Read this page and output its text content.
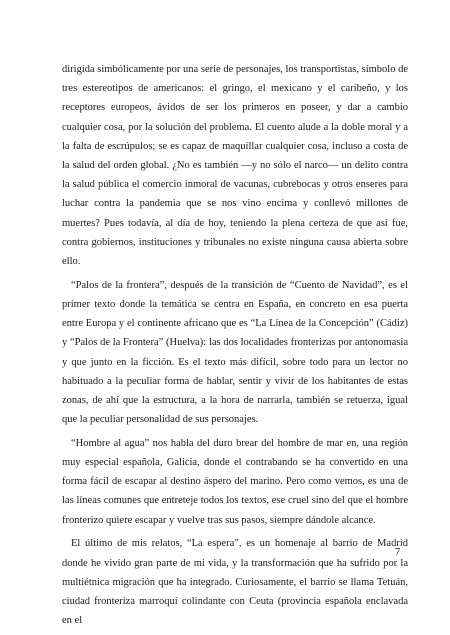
dirigida simbólicamente por una serie de personajes, los transportistas, símbolo de tres estereotipos de americanos: el gringo, el mexicano y el caribeño, y los receptores europeos, ávidos de ser los primeros en poseer, y dar a cambio cualquier cosa, por la solución del problema. El cuento alude a la doble moral y a la falta de escrúpulos; se es capaz de maquillar cualquier cosa, incluso a costa de la salud del orden global. ¿No es también —y no sólo el narco— un delito contra la salud pública el comercio inmoral de vacunas, cubrebocas y otros enseres para luchar contra la pandemia que se nos vino encima y conllevó millones de muertes? Pues todavía, al día de hoy, teniendo la plena certeza de que así fue, contra gobiernos, instituciones y tribunales no existe ninguna causa abierta sobre ello.

“Palos de la frontera”, después de la transición de “Cuento de Navidad”, es el primer texto donde la temática se centra en España, en concreto en esa puerta entre Europa y el continente africano que es “La Línea de la Concepción” (Cádiz) y “Palos de la Frontera” (Huelva): las dos localidades fronterizas por antonomasia y que junto en la ficción. Es el texto más difícil, sobre todo para un lector no habituado a la peculiar forma de hablar, sentir y vivir de los habitantes de estas zonas, de ahí que la estructura, a la hora de narrarla, también se retuerza, igual que la peculiar personalidad de sus personajes.

“Hombre al agua” nos habla del duro brear del hombre de mar en, una región muy especial española, Galicia, donde el contrabando se ha convertido en una forma fácil de escapar al destino áspero del marino. Pero como vemos, es una de las líneas comunes que entreteje todos los textos, ese cruel sino del que el hombre fronterizo quiere escapar y vuelve tras sus pasos, siempre dándole alcance.

El último de mis relatos, “La espera”, es un homenaje al barrio de Madrid donde he vivido gran parte de mi vida, y la transformación que ha sufrido por la multiétnica migración que ha integrado. Curiosamente, el barrio se llama Tetuán, ciudad fronteriza marroquí colindante con Ceuta (provincia española enclavada en el

7
